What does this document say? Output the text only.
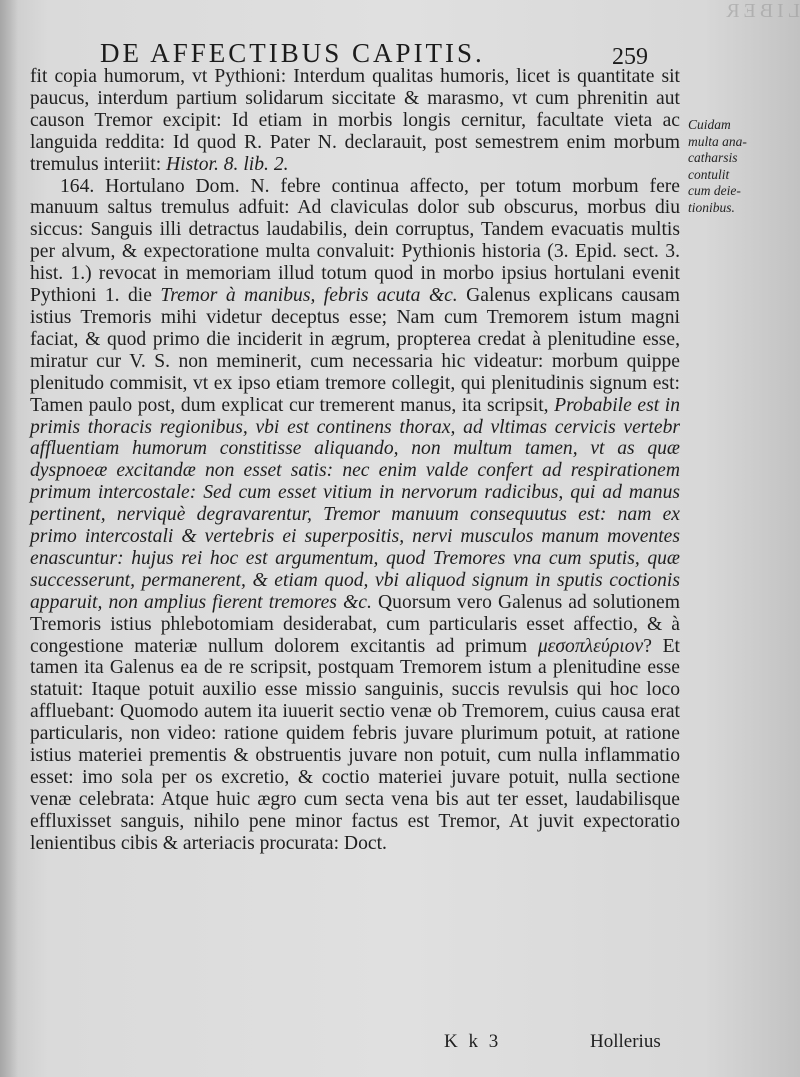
LIBER
DE AFFECTIBUS CAPITIS.	259

fit copia humorum, vt Pythioni: Interdum qualitas humoris, licet is quantitate sit paucus, interdum partium solidarum siccitate & marasmo, vt cum phrenitin aut causon Tremor excipit: Id etiam in morbis longis cernitur, facultate vieta ac languida reddita: Id quod R. Pater N. declarauit, post semestrem enim morbum tremulus interiit: Histor. 8. lib. 2.

164. Hortulano Dom. N. febre continua affecto, per totum morbum fere manuum saltus tremulus adfuit: Ad claviculas dolor sub obscurus, morbus diu siccus: Sanguis illi detractus laudabilis, dein corruptus, Tandem evacuatis multis per alvum, & expectoratione multa convaluit: Pythionis historia (3. Epid. sect. 3. hist. 1.) revocat in memoriam illud totum quod in morbo ipsius hortulani evenit Pythioni 1. die Tremor à manibus, febris acuta &c. Galenus explicans causam istius Tremoris mihi videtur deceptus esse; Nam cum Tremorem istum magni faciat, & quod primo die inciderit in ægrum, propterea credat à plenitudine esse, miratur cur V. S. non meminerit, cum necessaria hic videatur: morbum quippe plenitudo commisit, vt ex ipso etiam tremore collegit, qui plenitudinis signum est: Tamen paulo post, dum explicat cur tremerent manus, ita scripsit, Probabile est in primis thoracis regionibus, vbi est continens thorax, ad vltimas cervicis vertebr affluentiam humorum constitisse aliquando, non multum tamen, vt as quæ dyspnoeæ excitandæ non esset satis: nec enim valde confert ad respirationem primum intercostale: Sed cum esset vitium in nervorum radicibus, qui ad manus pertinent, nerviquè degravarentur, Tremor manuum consequutus est: nam ex primo intercostali & vertebris ei superpositis, nervi musculos manum moventes enascuntur: hujus rei hoc est argumentum, quod Tremores vna cum sputis, quæ successerunt, permanerent, & etiam quod, vbi aliquod signum in sputis coctionis apparuit, non amplius fierent tremores &c. Quorsum vero Galenus ad solutionem Tremoris istius phlebotomiam desiderabat, cum particularis esset affectio, & à congestione materiæ nullum dolorem excitantis ad primum μεσοπλεύριον? Et tamen ita Galenus ea de re scripsit, postquam Tremorem istum a plenitudine esse statuit: Itaque potuit auxilio esse missio sanguinis, succis revulsis qui hoc loco affluebant: Quomodo autem ita iuuerit sectio venæ ob Tremorem, cuius causa erat particularis, non video: ratione quidem febris juvare plurimum potuit, at ratione istius materiei prementis & obstruentis juvare non potuit, cum nulla inflammatio esset: imo sola per os excretio, & coctio materiei juvare potuit, nulla sectione venæ celebrata: Atque huic ægro cum secta vena bis aut ter esset, laudabilisque effluxisset sanguis, nihilo pene minor factus est Tremor, At juvit expectoratio lenientibus cibis & arteriacis procurata: Doct.

Cuidam
multa ana-
catharsis
contulit
cum deie-
tionibus.
K k 3	Hollerius
